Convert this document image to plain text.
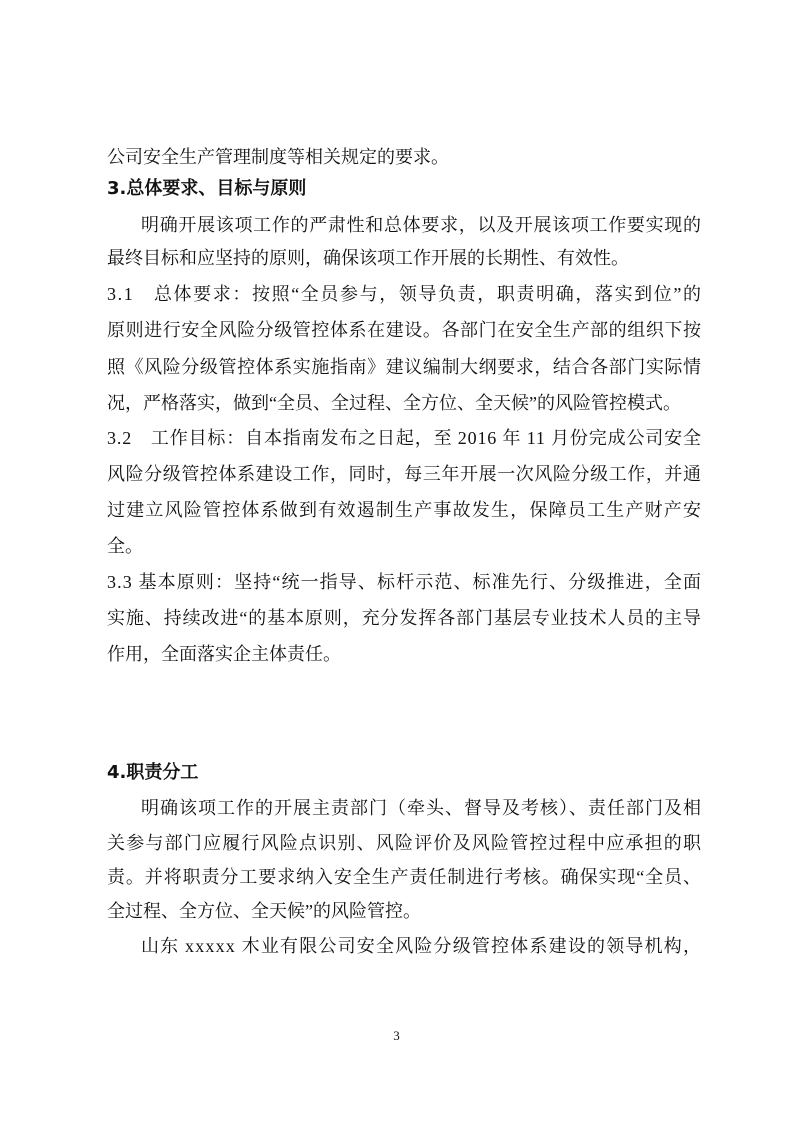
公司安全生产管理制度等相关规定的要求。
3.总体要求、目标与原则
明确开展该项工作的严肃性和总体要求，以及开展该项工作要实现的
最终目标和应坚持的原则，确保该项工作开展的长期性、有效性。
3.1　总体要求：按照“全员参与，领导负责，职责明确，落实到位”的
原则进行安全风险分级管控体系在建设。各部门在安全生产部的组织下按
照《风险分级管控体系实施指南》建议编制大纲要求，结合各部门实际情
况，严格落实，做到“全员、全过程、全方位、全天候”的风险管控模式。
3.2　工作目标：自本指南发布之日起，至 2016 年 11 月份完成公司安全
风险分级管控体系建设工作，同时，每三年开展一次风险分级工作，并通
过建立风险管控体系做到有效遏制生产事故发生，保障员工生产财产安
全。
3.3 基本原则：坚持“统一指导、标杆示范、标准先行、分级推进，全面
实施、持续改进“的基本原则，充分发挥各部门基层专业技术人员的主导
作用，全面落实企主体责任。
4.职责分工
明确该项工作的开展主责部门（牵头、督导及考核）、责任部门及相
关参与部门应履行风险点识别、风险评价及风险管控过程中应承担的职
责。并将职责分工要求纳入安全生产责任制进行考核。确保实现“全员、
全过程、全方位、全天候”的风险管控。
山东 xxxxx 木业有限公司安全风险分级管控体系建设的领导机构，
3
